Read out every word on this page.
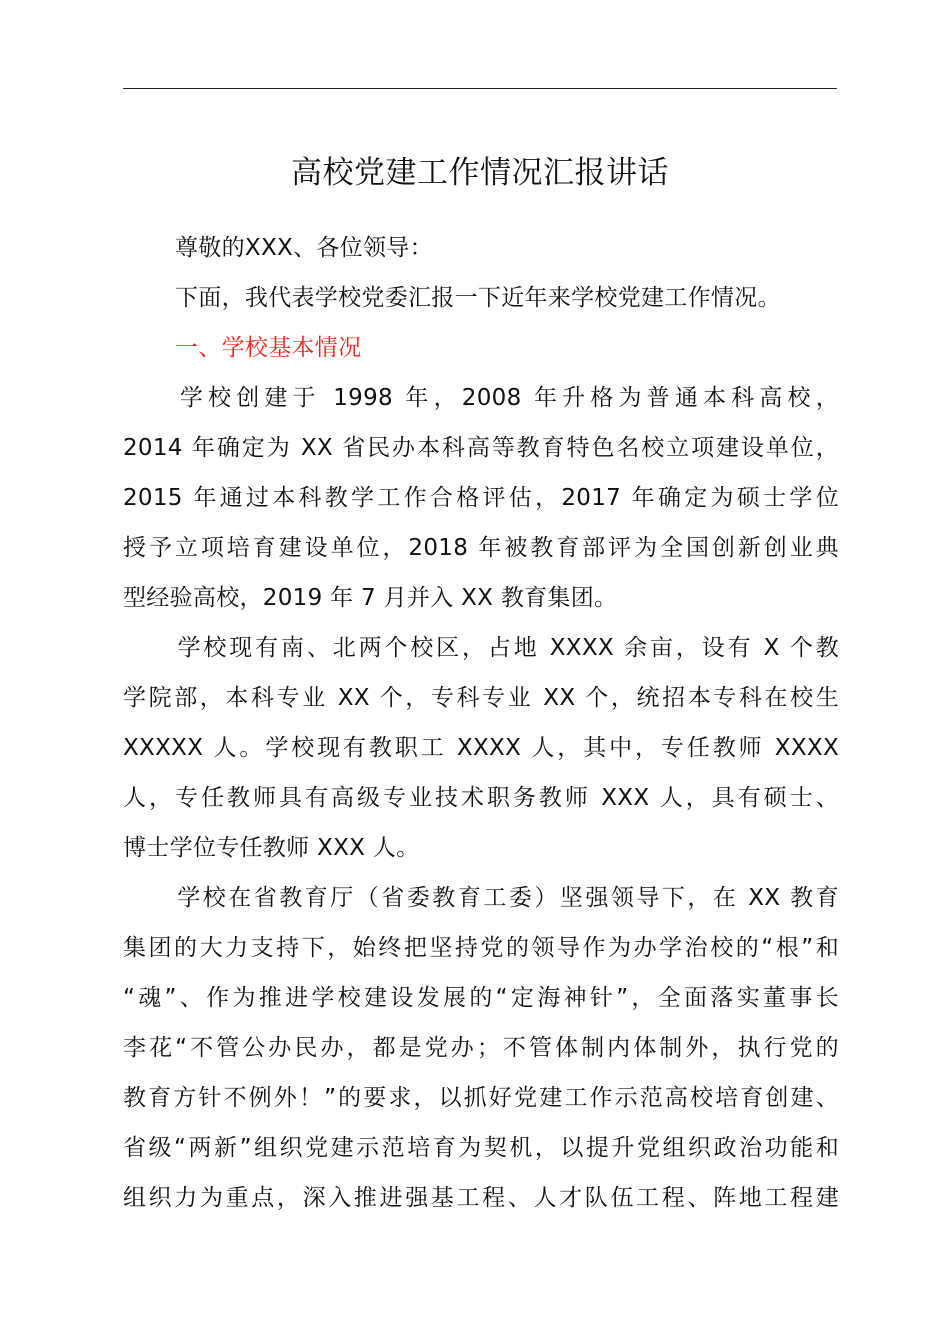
高校党建工作情况汇报讲话
尊敬的XXX、各位领导：
下面，我代表学校党委汇报一下近年来学校党建工作情况。
一、学校基本情况
学校创建于 1998 年，2008 年升格为普通本科高校，
2014 年确定为 XX 省民办本科高等教育特色名校立项建设单位，
2015 年通过本科教学工作合格评估，2017 年确定为硕士学位
授予立项培育建设单位，2018 年被教育部评为全国创新创业典
型经验高校，2019 年 7 月并入 XX 教育集团。
学校现有南、北两个校区，占地 XXXX 余亩，设有 X 个教
学院部，本科专业 XX 个，专科专业 XX 个，统招本专科在校生
XXXXX 人。学校现有教职工 XXXX 人，其中，专任教师 XXXX
人，专任教师具有高级专业技术职务教师 XXX 人，具有硕士、
博士学位专任教师 XXX 人。
学校在省教育厅（省委教育工委）坚强领导下，在 XX 教育
集团的大力支持下，始终把坚持党的领导作为办学治校的“根”和
“魂”、作为推进学校建设发展的“定海神针”，全面落实董事长
李花“不管公办民办，都是党办；不管体制内体制外，执行党的
教育方针不例外！”的要求，以抓好党建工作示范高校培育创建、
省级“两新”组织党建示范培育为契机，以提升党组织政治功能和
组织力为重点，深入推进强基工程、人才队伍工程、阵地工程建
